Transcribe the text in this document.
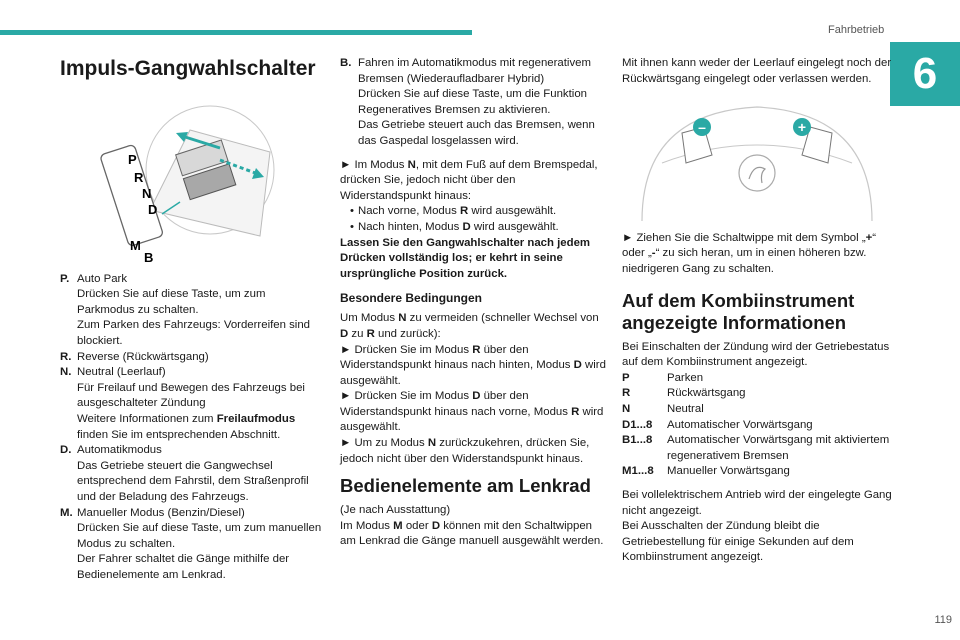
Fahrbetrieb
6
119
Impuls-Gangwahlschalter
P
R
N
D
M
B
P. Auto Park

Drücken Sie auf diese Taste, um zum Parkmodus zu schalten.

Zum Parken des Fahrzeugs: Vorderreifen sind blockiert.

R. Reverse (Rückwärtsgang)

N. Neutral (Leerlauf)

Für Freilauf und Bewegen des Fahrzeugs bei ausgeschalteter Zündung

Weitere Informationen zum Freilaufmodus finden Sie im entsprechenden Abschnitt.

D. Automatikmodus

Das Getriebe steuert die Gangwechsel entsprechend dem Fahrstil, dem Straßenprofil und der Beladung des Fahrzeugs.

M. Manueller Modus (Benzin/Diesel)

Drücken Sie auf diese Taste, um zum manuellen Modus zu schalten.

Der Fahrer schaltet die Gänge mithilfe der Bedienelemente am Lenkrad.

B. Fahren im Automatikmodus mit regenerativem Bremsen (Wiederaufladbarer Hybrid)

Drücken Sie auf diese Taste, um die Funktion Regeneratives Bremsen zu aktivieren.

Das Getriebe steuert auch das Bremsen, wenn das Gaspedal losgelassen wird.

► Im Modus N, mit dem Fuß auf dem Bremspedal, drücken Sie, jedoch nicht über den Widerstandspunkt hinaus:

• Nach vorne, Modus R wird ausgewählt.
• Nach hinten, Modus D wird ausgewählt.

Lassen Sie den Gangwahlschalter nach jedem Drücken vollständig los; er kehrt in seine ursprüngliche Position zurück.

Besondere Bedingungen

Um Modus N zu vermeiden (schneller Wechsel von D zu R und zurück):

► Drücken Sie im Modus R über den Widerstandspunkt hinaus nach hinten, Modus D wird ausgewählt.

► Drücken Sie im Modus D über den Widerstandspunkt hinaus nach vorne, Modus R wird ausgewählt.

► Um zu Modus N zurückzukehren, drücken Sie, jedoch nicht über den Widerstandspunkt hinaus.

Bedienelemente am Lenkrad

(Je nach Ausstattung)

Im Modus M oder D können mit den Schaltwippen am Lenkrad die Gänge manuell ausgewählt werden.

Mit ihnen kann weder der Leerlauf eingelegt noch der Rückwärtsgang eingelegt oder verlassen werden.

–	+

► Ziehen Sie die Schaltwippe mit dem Symbol „+“ oder „-“ zu sich heran, um in einen höheren bzw. niedrigeren Gang zu schalten.

Auf dem Kombiinstrument angezeigte Informationen

Bei Einschalten der Zündung wird der Getriebestatus auf dem Kombiinstrument angezeigt.

P	Parken
R	Rückwärtsgang
N	Neutral
D1...8	Automatischer Vorwärtsgang
B1...8	Automatischer Vorwärtsgang mit aktiviertem regenerativem Bremsen
M1...8	Manueller Vorwärtsgang

Bei vollelektrischem Antrieb wird der eingelegte Gang nicht angezeigt.

Bei Ausschalten der Zündung bleibt die Getriebestellung für einige Sekunden auf dem Kombiinstrument angezeigt.
